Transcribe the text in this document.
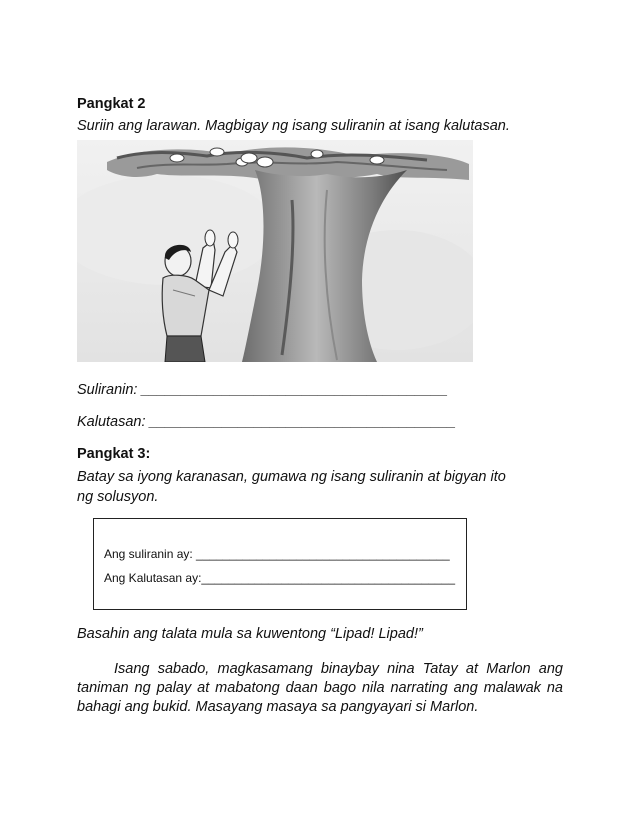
Pangkat 2
Suriin ang larawan. Magbigay ng isang suliranin at isang kalutasan.
Suliranin: ______________________________________
Kalutasan: ______________________________________
Pangkat 3:
Batay sa iyong karanasan, gumawa ng isang suliranin at bigyan ito
ng solusyon.
Ang suliranin ay: ______________________________________
Ang Kalutasan ay:______________________________________
Basahin ang talata mula sa kuwentong “Lipad! Lipad!”
Isang sabado, magkasamang binaybay nina Tatay at Marlon ang taniman ng palay at mabatong daan bago nila narrating ang malawak na bahagi ang bukid. Masayang masaya sa pangyayari si Marlon.
